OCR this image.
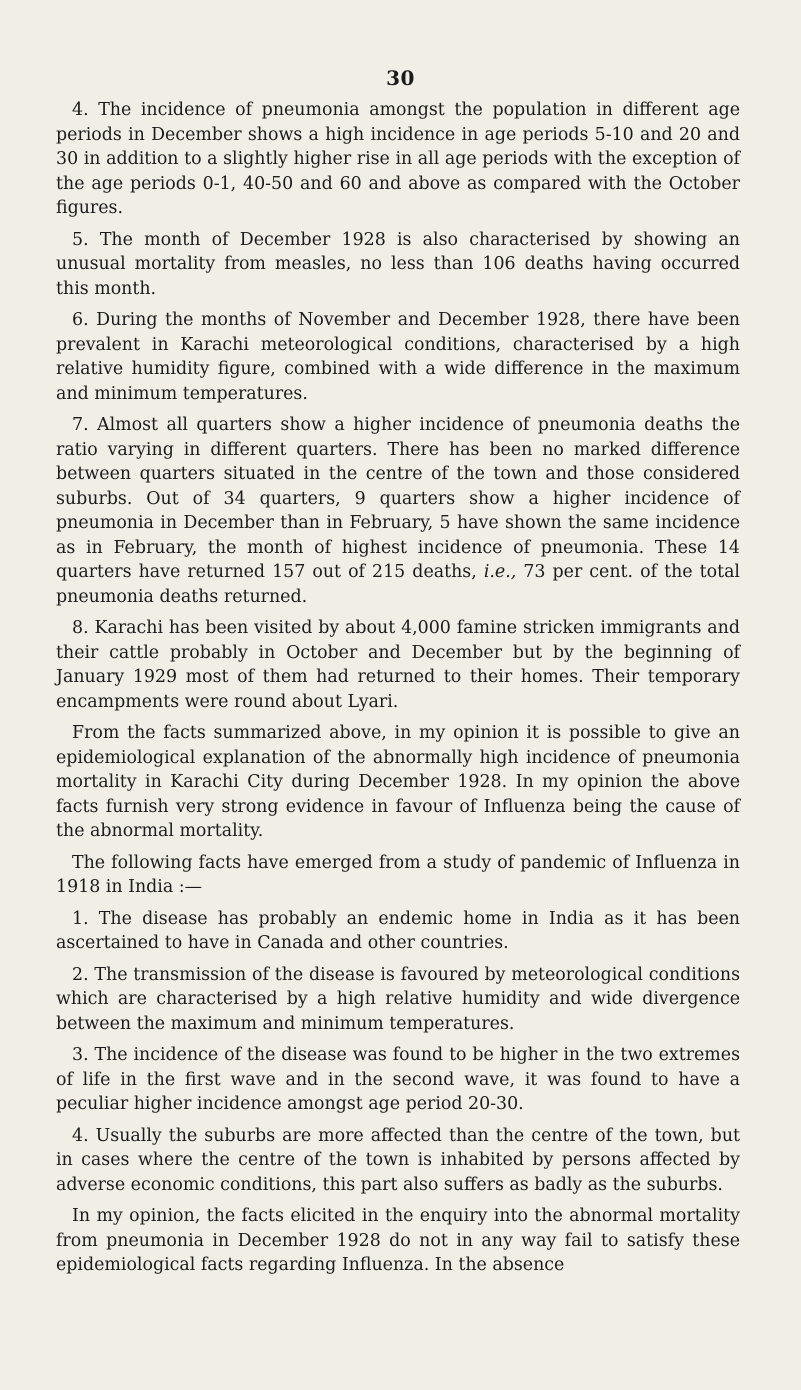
30

4. The incidence of pneumonia amongst the population in different age periods in December shows a high incidence in age periods 5-10 and 20 and 30 in addition to a slightly higher rise in all age periods with the exception of the age periods 0-1, 40-50 and 60 and above as compared with the October figures.

5. The month of December 1928 is also characterised by showing an unusual mortality from measles, no less than 106 deaths having occurred this month.

6. During the months of November and December 1928, there have been prevalent in Karachi meteorological conditions, characterised by a high relative humidity figure, combined with a wide difference in the maximum and minimum temperatures.

7. Almost all quarters show a higher incidence of pneumonia deaths the ratio varying in different quarters. There has been no marked difference between quarters situated in the centre of the town and those considered suburbs. Out of 34 quarters, 9 quarters show a higher incidence of pneumonia in December than in February, 5 have shown the same incidence as in February, the month of highest incidence of pneumonia. These 14 quarters have returned 157 out of 215 deaths, i.e., 73 per cent. of the total pneumonia deaths returned.

8. Karachi has been visited by about 4,000 famine stricken immigrants and their cattle probably in October and December but by the beginning of January 1929 most of them had returned to their homes. Their temporary encampments were round about Lyari.

From the facts summarized above, in my opinion it is possible to give an epidemiological explanation of the abnormally high incidence of pneumonia mortality in Karachi City during December 1928. In my opinion the above facts furnish very strong evidence in favour of Influenza being the cause of the abnormal mortality.

The following facts have emerged from a study of pandemic of Influenza in 1918 in India :—

1. The disease has probably an endemic home in India as it has been ascertained to have in Canada and other countries.

2. The transmission of the disease is favoured by meteorological conditions which are characterised by a high relative humidity and wide divergence between the maximum and minimum temperatures.

3. The incidence of the disease was found to be higher in the two extremes of life in the first wave and in the second wave, it was found to have a peculiar higher incidence amongst age period 20-30.

4. Usually the suburbs are more affected than the centre of the town, but in cases where the centre of the town is inhabited by persons affected by adverse economic conditions, this part also suffers as badly as the suburbs.

In my opinion, the facts elicited in the enquiry into the abnormal mortality from pneumonia in December 1928 do not in any way fail to satisfy these epidemiological facts regarding Influenza. In the absence
